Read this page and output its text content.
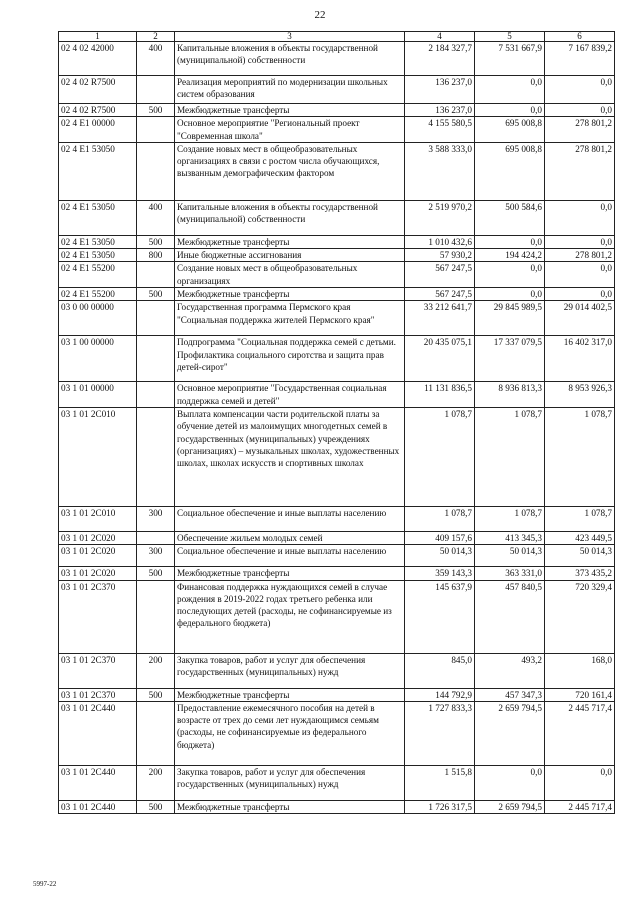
22
1	2	3	4	5	6
02 4 02 42000	400	Капитальные вложения в объекты государственной (муниципальной) собственности	2 184 327,7	7 531 667,9	7 167 839,2
02 4 02 R7500		Реализация мероприятий по модернизации школьных систем образования	136 237,0	0,0	0,0
02 4 02 R7500	500	Межбюджетные трансферты	136 237,0	0,0	0,0
02 4 E1 00000		Основное мероприятие "Региональный проект "Современная школа"	4 155 580,5	695 008,8	278 801,2
02 4 E1 53050		Создание новых мест в общеобразовательных организациях в связи с ростом числа обучающихся, вызванным демографическим фактором	3 588 333,0	695 008,8	278 801,2
02 4 E1 53050	400	Капитальные вложения в объекты государственной (муниципальной) собственности	2 519 970,2	500 584,6	0,0
02 4 E1 53050	500	Межбюджетные трансферты	1 010 432,6	0,0	0,0
02 4 E1 53050	800	Иные бюджетные ассигнования	57 930,2	194 424,2	278 801,2
02 4 E1 55200		Создание новых мест в общеобразовательных организациях	567 247,5	0,0	0,0
02 4 E1 55200	500	Межбюджетные трансферты	567 247,5	0,0	0,0
03 0 00 00000		Государственная программа Пермского края "Социальная поддержка жителей Пермского края"	33 212 641,7	29 845 989,5	29 014 402,5
03 1 00 00000		Подпрограмма "Социальная поддержка семей с детьми. Профилактика социального сиротства и защита прав детей-сирот"	20 435 075,1	17 337 079,5	16 402 317,0
03 1 01 00000		Основное мероприятие "Государственная социальная поддержка семей и детей"	11 131 836,5	8 936 813,3	8 953 926,3
03 1 01 2С010		Выплата компенсации части родительской платы за обучение детей из малоимущих многодетных семей в государственных (муниципальных) учреждениях (организациях) – музыкальных школах, художественных школах, школах искусств и спортивных школах	1 078,7	1 078,7	1 078,7
03 1 01 2С010	300	Социальное обеспечение и иные выплаты населению	1 078,7	1 078,7	1 078,7
03 1 01 2С020		Обеспечение жильем молодых семей	409 157,6	413 345,3	423 449,5
03 1 01 2С020	300	Социальное обеспечение и иные выплаты населению	50 014,3	50 014,3	50 014,3
03 1 01 2С020	500	Межбюджетные трансферты	359 143,3	363 331,0	373 435,2
03 1 01 2С370		Финансовая поддержка нуждающихся семей в случае рождения в 2019-2022 годах третьего ребенка или последующих детей (расходы, не софинансируемые из федерального бюджета)	145 637,9	457 840,5	720 329,4
03 1 01 2С370	200	Закупка товаров, работ и услуг для обеспечения государственных (муниципальных) нужд	845,0	493,2	168,0
03 1 01 2С370	500	Межбюджетные трансферты	144 792,9	457 347,3	720 161,4
03 1 01 2С440		Предоставление ежемесячного пособия на детей в возрасте от трех до семи лет нуждающимся семьям (расходы, не софинансируемые из федерального бюджета)	1 727 833,3	2 659 794,5	2 445 717,4
03 1 01 2С440	200	Закупка товаров, работ и услуг для обеспечения государственных (муниципальных) нужд	1 515,8	0,0	0,0
03 1 01 2С440	500	Межбюджетные трансферты	1 726 317,5	2 659 794,5	2 445 717,4
5997-22
